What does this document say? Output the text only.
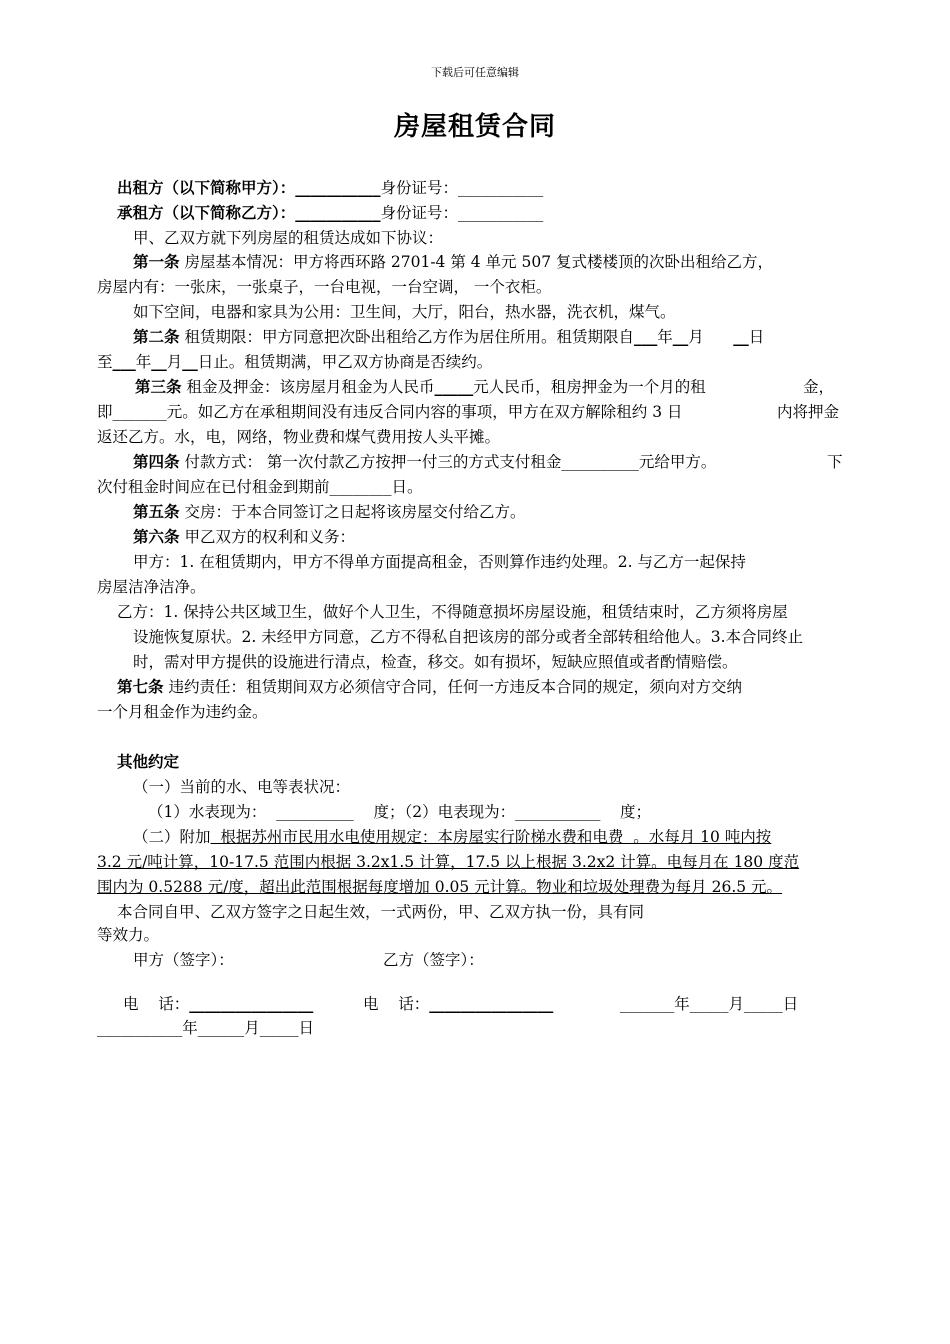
下载后可任意编辑
房屋租赁合同

出租方（以下简称甲方）：___________身份证号：___________

承租方（以下简称乙方）：___________身份证号：___________

甲、乙双方就下列房屋的租赁达成如下协议：

第一条 房屋基本情况：甲方将西环路 2701-4 第 4 单元 507 复式楼楼顶的次卧出租给乙方，

房屋内有：一张床，一张桌子，一台电视，一台空调， 一个衣柜。

如下空间，电器和家具为公用：卫生间，大厅，阳台，热水器，洗衣机，煤气。

第二条 租赁期限：甲方同意把次卧出租给乙方作为居住所用。租赁期限自___年__月 __日

至___年__月__日止。租赁期满，甲乙双方协商是否续约。

第三条 租金及押金：该房屋月租金为人民币_____元人民币，租房押金为一个月的租	金，

即_______元。如乙方在承租期间没有违反合同内容的事项，甲方在双方解除租约 3 日	内将押金

返还乙方。水，电，网络，物业费和煤气费用按人头平摊。

第四条 付款方式： 第一次付款乙方按押一付三的方式支付租金__________元给甲方。	下

次付租金时间应在已付租金到期前________日。

第五条 交房：于本合同签订之日起将该房屋交付给乙方。

第六条 甲乙双方的权利和义务：

甲方：1. 在租赁期内，甲方不得单方面提高租金，否则算作违约处理。2. 与乙方一起保持

房屋洁净洁净。

乙方：1. 保持公共区域卫生，做好个人卫生，不得随意损坏房屋设施，租赁结束时，乙方须将房屋

设施恢复原状。2. 未经甲方同意，乙方不得私自把该房的部分或者全部转租给他人。3.本合同终止

时，需对甲方提供的设施进行清点，检查，移交。如有损坏，短缺应照值或者酌情赔偿。

第七条 违约责任：租赁期间双方必须信守合同，任何一方违反本合同的规定，须向对方交纳

一个月租金作为违约金。

其他约定

（一）当前的水、电等表状况：

（1）水表现为： __________ 度；（2）电表现为：___________ 度；

（二）附加  根据苏州市民用水电使用规定：本房屋实行阶梯水费和电费  。水每月 10 吨内按

3.2 元/吨计算，10-17.5 范围内根据 3.2x1.5 计算，17.5 以上根据 3.2x2 计算。电每月在 180 度范

围内为 0.5288 元/度，超出此范围根据每度增加 0.05 元计算。物业和垃圾处理费为每月 26.5 元。

本合同自甲、乙双方签字之日起生效，一式两份，甲、乙双方执一份，具有同

等效力。

甲方（签字）：	乙方（签字）：

电    话：________________	电    话：________________	_______年_____月_____日

___________年______月_____日
